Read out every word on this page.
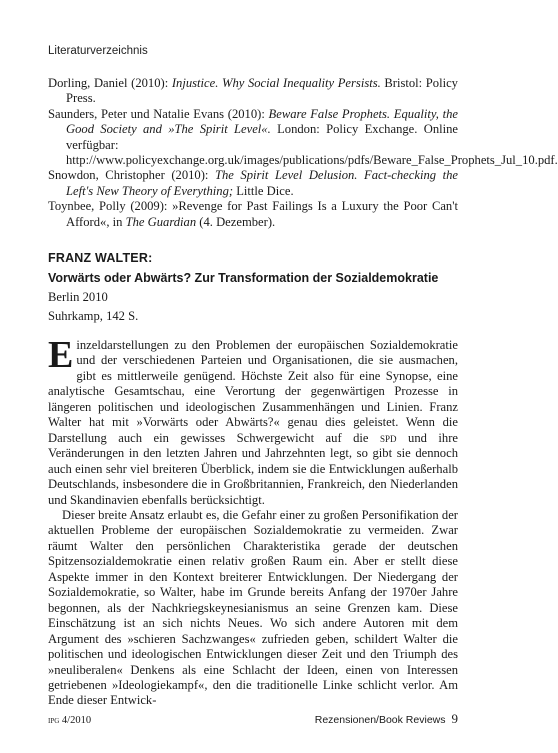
Literaturverzeichnis

Dorling, Daniel (2010): Injustice. Why Social Inequality Persists. Bristol: Policy Press.

Saunders, Peter und Natalie Evans (2010): Beware False Prophets. Equality, the Good Society and »The Spirit Level«. London: Policy Exchange. Online verfügbar: http://www.policyexchange.org.uk/images/publications/pdfs/Beware_False_Prophets_Jul_10.pdf.

Snowdon, Christopher (2010): The Spirit Level Delusion. Fact-checking the Left's New Theory of Everything; Little Dice.

Toynbee, Polly (2009): »Revenge for Past Failings Is a Luxury the Poor Can't Afford«, in The Guardian (4. Dezember).

FRANZ WALTER:
Vorwärts oder Abwärts? Zur Transformation der Sozialdemokratie
Berlin 2010
Suhrkamp, 142 S.

Einzeldarstellungen zu den Problemen der europäischen Sozialdemokratie und der verschiedenen Parteien und Organisationen, die sie ausmachen, gibt es mittlerweile genügend. Höchste Zeit also für eine Synopse, eine analytische Gesamtschau, eine Verortung der gegenwärtigen Prozesse in längeren politischen und ideologischen Zusammenhängen und Linien. Franz Walter hat mit »Vorwärts oder Abwärts?« genau dies geleistet. Wenn die Darstellung auch ein gewisses Schwergewicht auf die spd und ihre Veränderungen in den letzten Jahren und Jahrzehnten legt, so gibt sie dennoch auch einen sehr viel breiteren Überblick, indem sie die Entwicklungen außerhalb Deutschlands, insbesondere die in Großbritannien, Frankreich, den Niederlanden und Skandinavien ebenfalls berücksichtigt.

Dieser breite Ansatz erlaubt es, die Gefahr einer zu großen Personifikation der aktuellen Probleme der europäischen Sozialdemokratie zu vermeiden. Zwar räumt Walter den persönlichen Charakteristika gerade der deutschen Spitzensozialdemokratie einen relativ großen Raum ein. Aber er stellt diese Aspekte immer in den Kontext breiterer Entwicklungen. Der Niedergang der Sozialdemokratie, so Walter, habe im Grunde bereits Anfang der 1970er Jahre begonnen, als der Nachkriegskeynesianismus an seine Grenzen kam. Diese Einschätzung ist an sich nichts Neues. Wo sich andere Autoren mit dem Argument des »schieren Sachzwanges« zufrieden geben, schildert Walter die politischen und ideologischen Entwicklungen dieser Zeit und den Triumph des »neuliberalen« Denkens als eine Schlacht der Ideen, einen von Interessen getriebenen »Ideologiekampf«, den die traditionelle Linke schlicht verlor. Am Ende dieser Entwick-

ipg 4/2010	Rezensionen/Book Reviews 9
